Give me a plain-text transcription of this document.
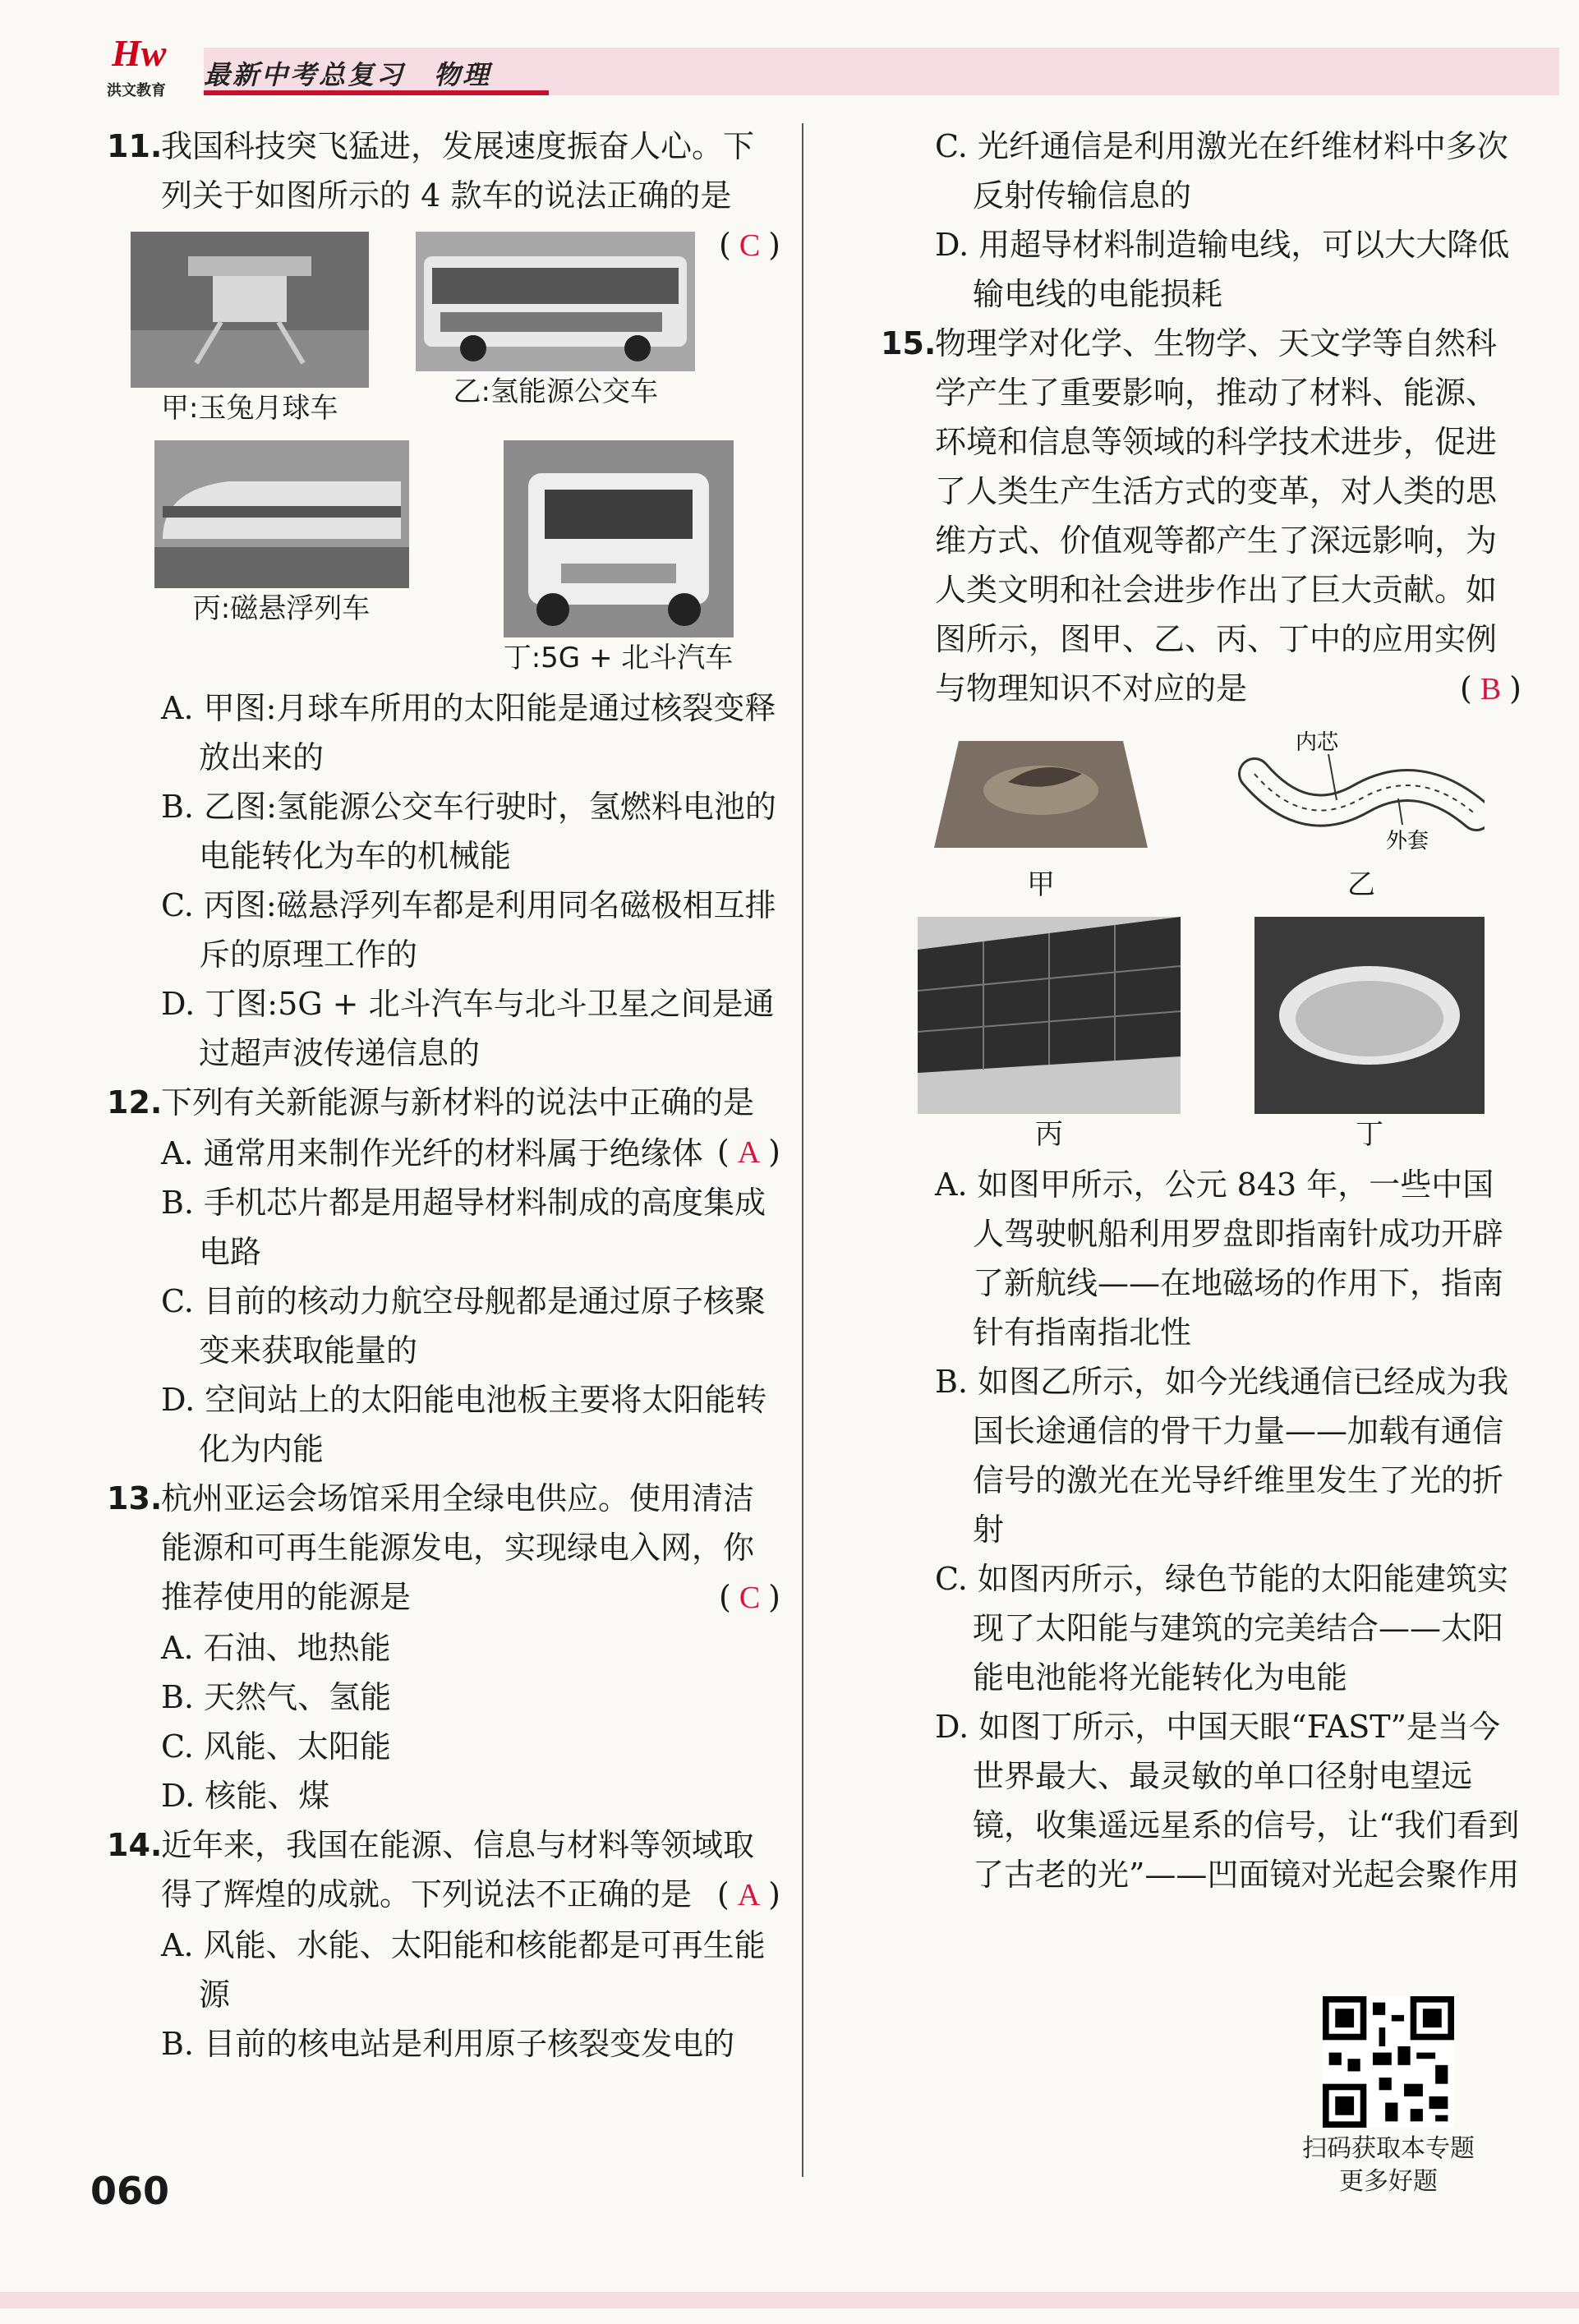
Hw
洪文教育
最新中考总复习　物理
11.我国科技突飞猛进，发展速度振奋人心。下列关于如图所示的 4 款车的说法正确的是
( C )
甲:玉兔月球车	乙:氢能源公交车
丙:磁悬浮列车
丁:5G + 北斗汽车
A. 甲图:月球车所用的太阳能是通过核裂变释放出来的
B. 乙图:氢能源公交车行驶时，氢燃料电池的电能转化为车的机械能
C. 丙图:磁悬浮列车都是利用同名磁极相互排斥的原理工作的
D. 丁图:5G + 北斗汽车与北斗卫星之间是通过超声波传递信息的
12.下列有关新能源与新材料的说法中正确的是
( A )
A. 通常用来制作光纤的材料属于绝缘体
B. 手机芯片都是用超导材料制成的高度集成电路
C. 目前的核动力航空母舰都是通过原子核聚变来获取能量的
D. 空间站上的太阳能电池板主要将太阳能转化为内能
13.杭州亚运会场馆采用全绿电供应。使用清洁能源和可再生能源发电，实现绿电入网，你推荐使用的能源是	( C )
A. 石油、地热能
B. 天然气、氢能
C. 风能、太阳能
D. 核能、煤
14.近年来，我国在能源、信息与材料等领域取得了辉煌的成就。下列说法不正确的是 ( A )
A. 风能、水能、太阳能和核能都是可再生能源
B. 目前的核电站是利用原子核裂变发电的
C. 光纤通信是利用激光在纤维材料中多次反射传输信息的
D. 用超导材料制造输电线，可以大大降低输电线的电能损耗
15.物理学对化学、生物学、天文学等自然科学产生了重要影响，推动了材料、能源、环境和信息等领域的科学技术进步，促进了人类生产生活方式的变革，对人类的思维方式、价值观等都产生了深远影响，为人类文明和社会进步作出了巨大贡献。如图所示，图甲、乙、丙、丁中的应用实例与物理知识不对应的是	( B )
甲
内芯
外套
乙
丙	丁
A. 如图甲所示，公元 843 年，一些中国人驾驶帆船利用罗盘即指南针成功开辟了新航线——在地磁场的作用下，指南针有指南指北性
B. 如图乙所示，如今光线通信已经成为我国长途通信的骨干力量——加载有通信信号的激光在光导纤维里发生了光的折射
C. 如图丙所示，绿色节能的太阳能建筑实现了太阳能与建筑的完美结合——太阳能电池能将光能转化为电能
D. 如图丁所示，中国天眼“FAST”是当今世界最大、最灵敏的单口径射电望远镜，收集遥远星系的信号，让“我们看到了古老的光”——凹面镜对光起会聚作用
扫码获取本专题
更多好题
060
